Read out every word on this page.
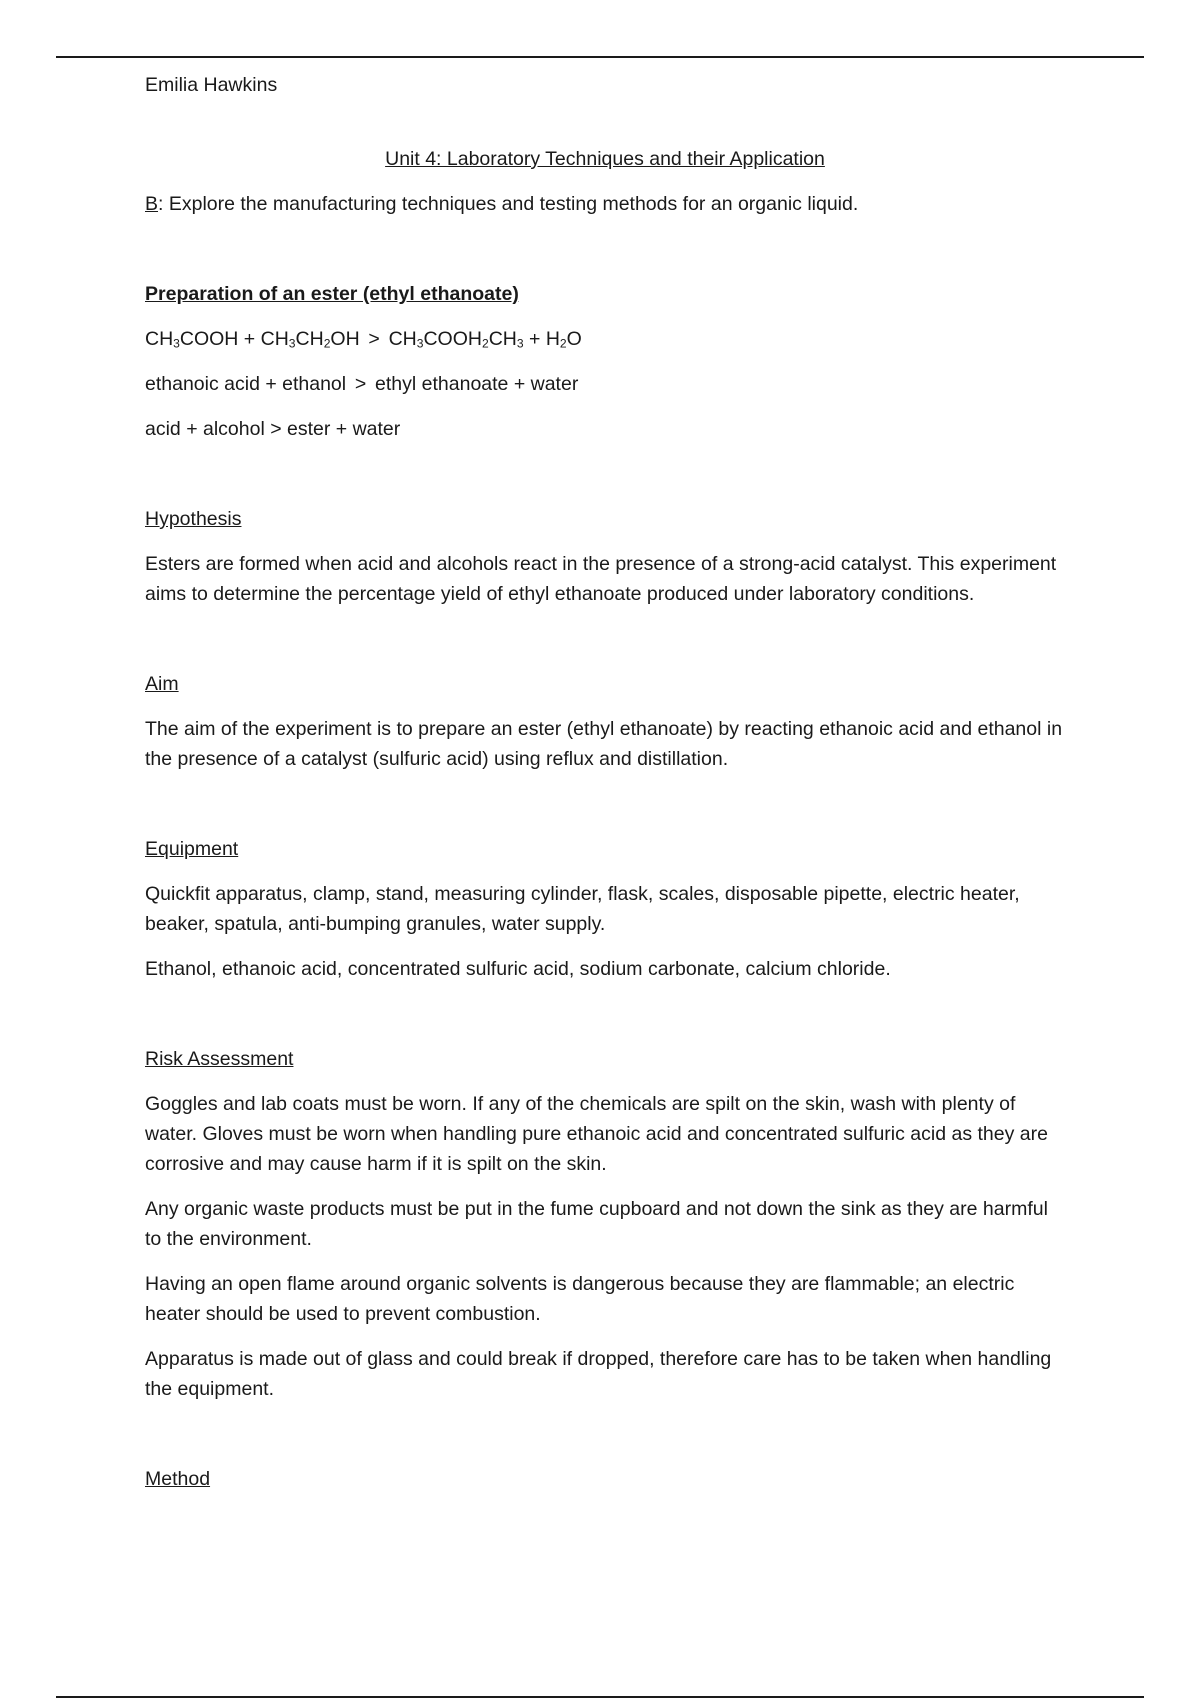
Emilia Hawkins

Unit 4: Laboratory Techniques and their Application

B: Explore the manufacturing techniques and testing methods for an organic liquid.

Preparation of an ester (ethyl ethanoate)

$CH_3COOH + CH_3CH_2OH$ > $CH_3COOH_2CH_3 + H_2O$

ethanoic acid + ethanol > ethyl ethanoate + water

acid + alcohol > ester + water

Hypothesis

Esters are formed when acid and alcohols react in the presence of a strong-acid catalyst. This experiment aims to determine the percentage yield of ethyl ethanoate produced under laboratory conditions.

Aim

The aim of the experiment is to prepare an ester (ethyl ethanoate) by reacting ethanoic acid and ethanol in the presence of a catalyst (sulfuric acid) using reflux and distillation.

Equipment

Quickfit apparatus, clamp, stand, measuring cylinder, flask, scales, disposable pipette, electric heater, beaker, spatula, anti-bumping granules, water supply.

Ethanol, ethanoic acid, concentrated sulfuric acid, sodium carbonate, calcium chloride.

Risk Assessment

Goggles and lab coats must be worn. If any of the chemicals are spilt on the skin, wash with plenty of water. Gloves must be worn when handling pure ethanoic acid and concentrated sulfuric acid as they are corrosive and may cause harm if it is spilt on the skin.

Any organic waste products must be put in the fume cupboard and not down the sink as they are harmful to the environment.

Having an open flame around organic solvents is dangerous because they are flammable; an electric heater should be used to prevent combustion.

Apparatus is made out of glass and could break if dropped, therefore care has to be taken when handling the equipment.

Method
